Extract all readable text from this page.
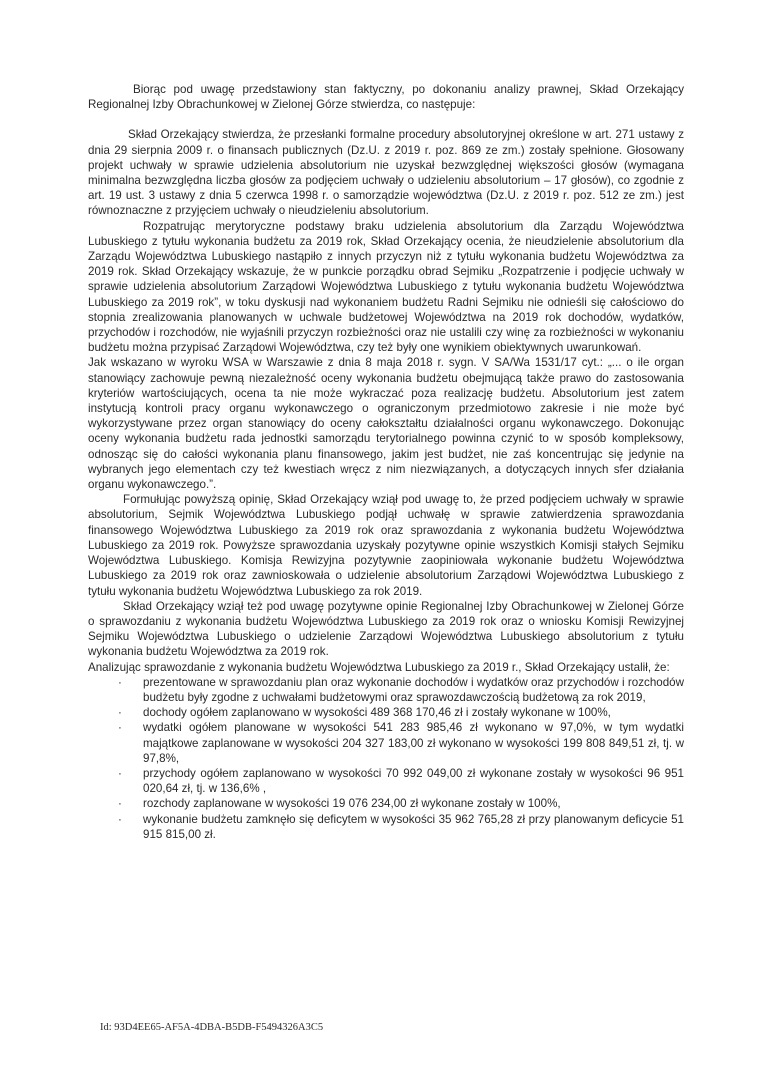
Biorąc pod uwagę przedstawiony stan faktyczny, po dokonaniu analizy prawnej, Skład Orzekający Regionalnej Izby Obrachunkowej w Zielonej Górze stwierdza, co następuje:

Skład Orzekający stwierdza, że przesłanki formalne procedury absolutoryjnej określone w art. 271 ustawy z dnia 29 sierpnia 2009 r. o finansach publicznych (Dz.U. z 2019 r. poz. 869 ze zm.) zostały spełnione. Głosowany projekt uchwały w sprawie udzielenia absolutorium nie uzyskał bezwzględnej większości głosów (wymagana minimalna bezwzględna liczba głosów za podjęciem uchwały o udzieleniu absolutorium – 17 głosów), co zgodnie z art. 19 ust. 3 ustawy z dnia 5 czerwca 1998 r. o samorządzie województwa (Dz.U. z 2019 r. poz. 512 ze zm.) jest równoznaczne z przyjęciem uchwały o nieudzieleniu absolutorium.

Rozpatrując merytoryczne podstawy braku udzielenia absolutorium dla Zarządu Województwa Lubuskiego z tytułu wykonania budżetu za 2019 rok, Skład Orzekający ocenia, że nieudzielenie absolutorium dla Zarządu Województwa Lubuskiego nastąpiło z innych przyczyn niż z tytułu wykonania budżetu Województwa za 2019 rok. Skład Orzekający wskazuje, że w punkcie porządku obrad Sejmiku „Rozpatrzenie i podjęcie uchwały w sprawie udzielenia absolutorium Zarządowi Województwa Lubuskiego z tytułu wykonania budżetu Województwa Lubuskiego za 2019 rok”, w toku dyskusji nad wykonaniem budżetu Radni Sejmiku nie odnieśli się całościowo do stopnia zrealizowania planowanych w uchwale budżetowej Województwa na 2019 rok dochodów, wydatków, przychodów i rozchodów, nie wyjaśnili przyczyn rozbieżności oraz nie ustalili czy winę za rozbieżności w wykonaniu budżetu można przypisać Zarządowi Województwa, czy też były one wynikiem obiektywnych uwarunkowań.

Jak wskazano w wyroku WSA w Warszawie z dnia 8 maja 2018 r. sygn. V SA/Wa 1531/17 cyt.: „... o ile organ stanowiący zachowuje pewną niezależność oceny wykonania budżetu obejmującą także prawo do zastosowania kryteriów wartościujących, ocena ta nie może wykraczać poza realizację budżetu. Absolutorium jest zatem instytucją kontroli pracy organu wykonawczego o ograniczonym przedmiotowo zakresie i nie może być wykorzystywane przez organ stanowiący do oceny całokształtu działalności organu wykonawczego. Dokonując oceny wykonania budżetu rada jednostki samorządu terytorialnego powinna czynić to w sposób kompleksowy, odnosząc się do całości wykonania planu finansowego, jakim jest budżet, nie zaś koncentrując się jedynie na wybranych jego elementach czy też kwestiach wręcz z nim niezwiązanych, a dotyczących innych sfer działania organu wykonawczego.”.

Formułując powyższą opinię, Skład Orzekający wziął pod uwagę to, że przed podjęciem uchwały w sprawie absolutorium, Sejmik Województwa Lubuskiego podjął uchwałę w sprawie zatwierdzenia sprawozdania finansowego Województwa Lubuskiego za 2019 rok oraz sprawozdania z wykonania budżetu Województwa Lubuskiego za 2019 rok. Powyższe sprawozdania uzyskały pozytywne opinie wszystkich Komisji stałych Sejmiku Województwa Lubuskiego. Komisja Rewizyjna pozytywnie zaopiniowała wykonanie budżetu Województwa Lubuskiego za 2019 rok oraz zawnioskowała o udzielenie absolutorium Zarządowi Województwa Lubuskiego z tytułu wykonania budżetu Województwa Lubuskiego za rok 2019.

Skład Orzekający wziął też pod uwagę pozytywne opinie Regionalnej Izby Obrachunkowej w Zielonej Górze o sprawozdaniu z wykonania budżetu Województwa Lubuskiego za 2019 rok oraz o wniosku Komisji Rewizyjnej Sejmiku Województwa Lubuskiego o udzielenie Zarządowi Województwa Lubuskiego absolutorium z tytułu wykonania budżetu Województwa za 2019 rok.

Analizując sprawozdanie z wykonania budżetu Województwa Lubuskiego za 2019 r., Skład Orzekający ustalił, że:

· prezentowane w sprawozdaniu plan oraz wykonanie dochodów i wydatków oraz przychodów i rozchodów budżetu były zgodne z uchwałami budżetowymi oraz sprawozdawczością budżetową za rok 2019,
· dochody ogółem zaplanowano w wysokości 489 368 170,46 zł i zostały wykonane w 100%,
· wydatki ogółem planowane w wysokości 541 283 985,46 zł wykonano w 97,0%, w tym wydatki majątkowe zaplanowane w wysokości 204 327 183,00 zł wykonano w wysokości 199 808 849,51 zł, tj. w 97,8%,
· przychody ogółem zaplanowano w wysokości 70 992 049,00 zł wykonane zostały w wysokości 96 951 020,64 zł, tj. w 136,6% ,
· rozchody zaplanowane w wysokości 19 076 234,00 zł wykonane zostały w 100%,
· wykonanie budżetu zamknęło się deficytem w wysokości 35 962 765,28 zł przy planowanym deficycie 51 915 815,00 zł.
Id: 93D4EE65-AF5A-4DBA-B5DB-F5494326A3C5
